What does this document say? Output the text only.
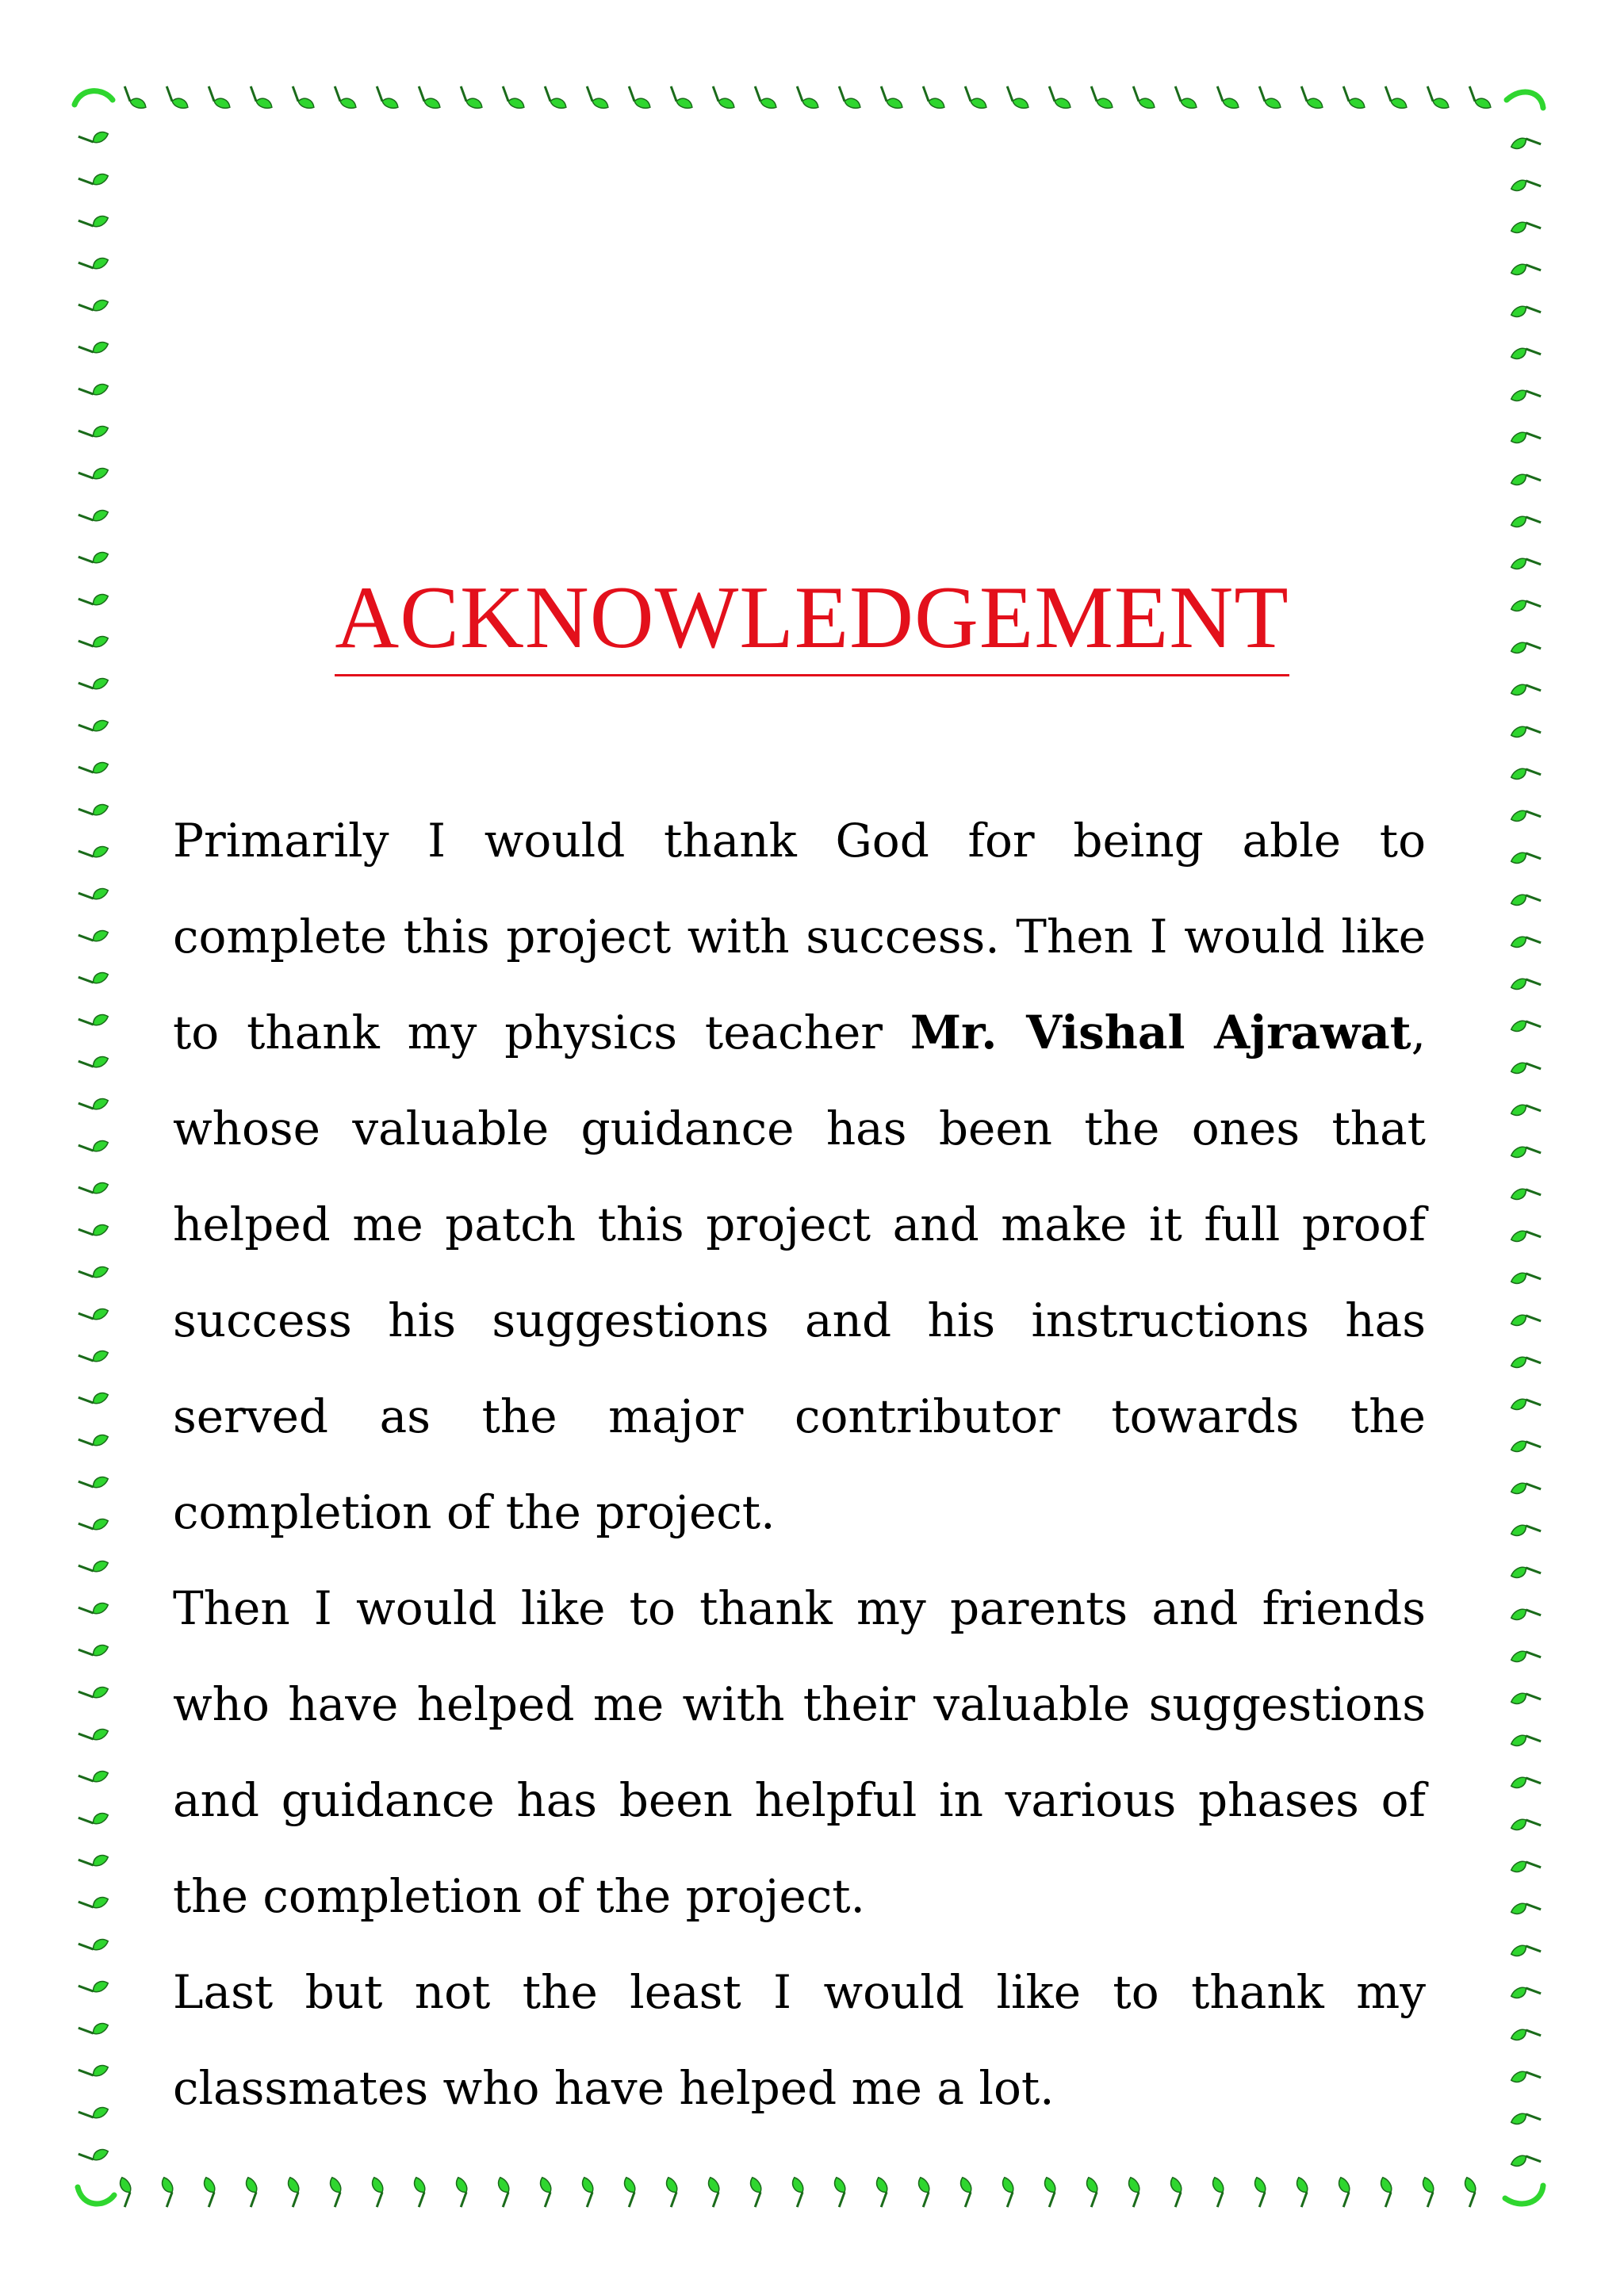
ACKNOWLEDGEMENT

Primarily I would thank God for being able to complete this project with success. Then I would like to thank my physics teacher Mr. Vishal Ajrawat, whose valuable guidance has been the ones that helped me patch this project and make it full proof success his suggestions and his instructions has served as the major contributor towards the completion of the project.

Then I would like to thank my parents and friends who have helped me with their valuable suggestions and guidance has been helpful in various phases of the completion of the project.

Last but not the least I would like to thank my classmates who have helped me a lot.
